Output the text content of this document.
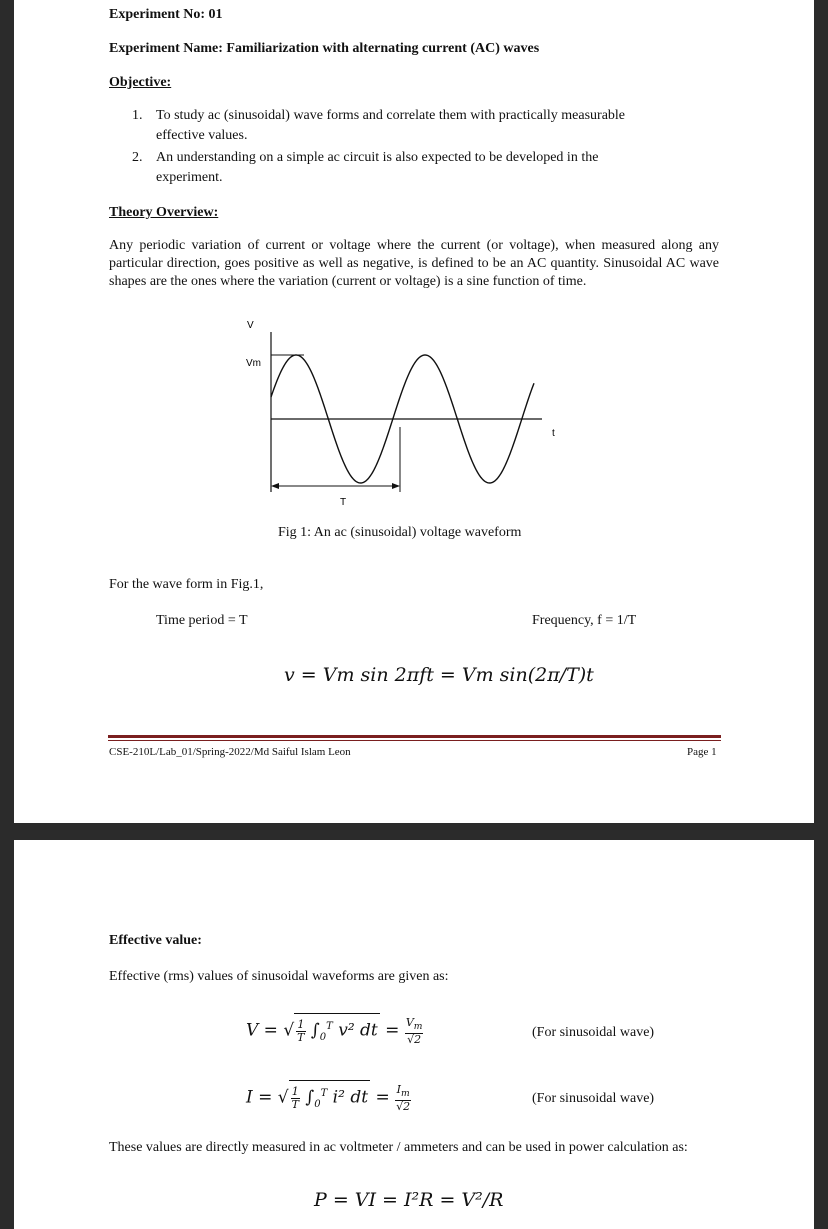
Experiment No: 01
Experiment Name: Familiarization with alternating current (AC) waves
Objective:
1. To study ac (sinusoidal) wave forms and correlate them with practically measurable
effective values.
2. An understanding on a simple ac circuit is also expected to be developed in the
experiment.
Theory Overview:
Any periodic variation of current or voltage where the current (or voltage), when measured along any particular direction, goes positive as well as negative, is defined to be an AC quantity. Sinusoidal AC wave shapes are the ones where the variation (current or voltage) is a sine function of time.
V
Vm
T
t
Fig 1: An ac (sinusoidal) voltage waveform
For the wave form in Fig.1,
Time period = T	Frequency, f = 1/T
v = Vm sin 2πft = Vm sin(2π/T)t
CSE-210L/Lab_01/Spring-2022/Md Saiful Islam Leon	Page 1
Effective value:
Effective (rms) values of sinusoidal waveforms are given as:
V = √ $\frac{1}{T} \int_0^T$ v² dt = $\frac{V_m}{√2}$	(For sinusoidal wave)
I = √ $\frac{1}{T} \int_0^T$ i² dt = $\frac{I_m}{√2}$	(For sinusoidal wave)
V = √((1/T)∫₀ᵀ v² dt) = Vm/√2
I = √((1/T)∫₀ᵀ i² dt) = Im/√2
These values are directly measured in ac voltmeter / ammeters and can be used in power calculation as:
P = VI = I²R = V²/R
